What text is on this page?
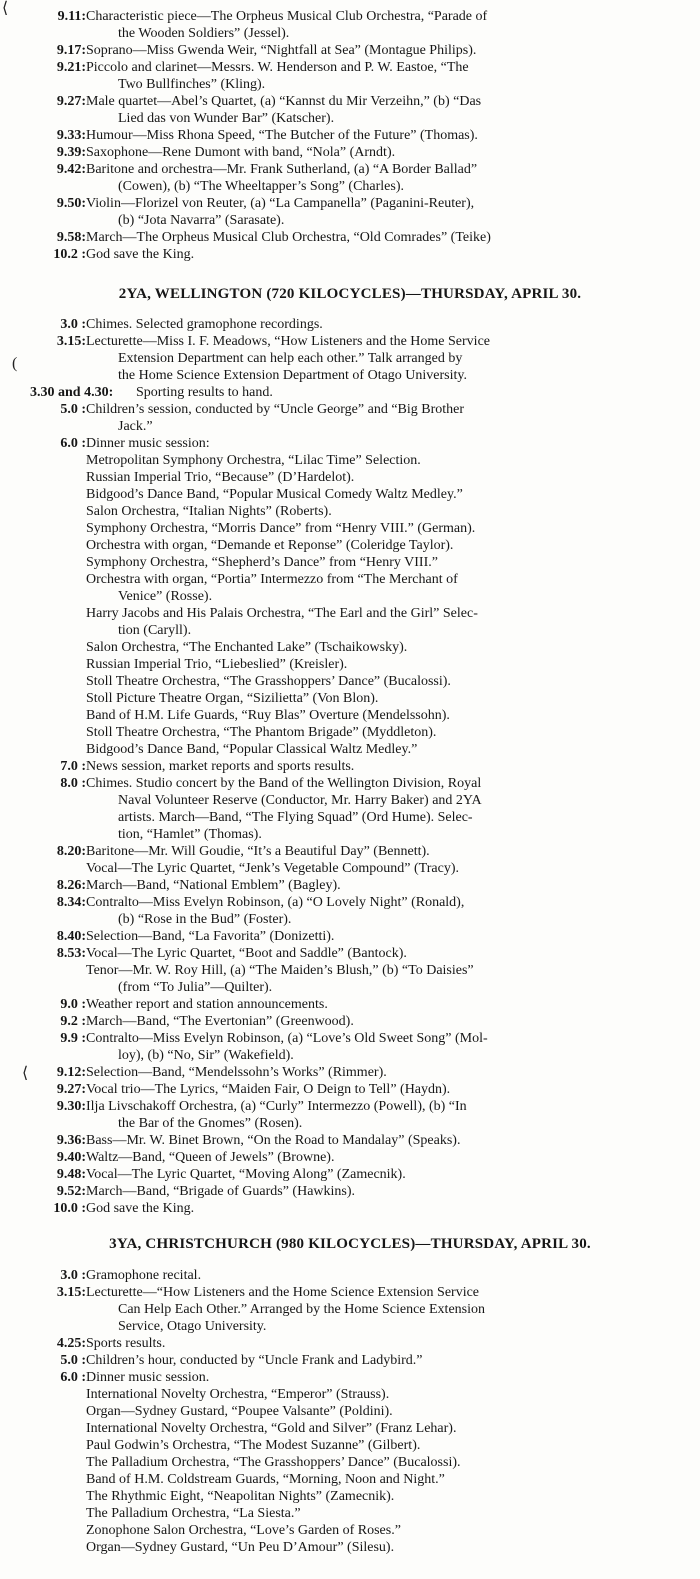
⟨	9.11: Characteristic piece—The Orpheus Musical Club Orchestra, “Parade of
the Wooden Soldiers” (Jessel).
9.17: Soprano—Miss Gwenda Weir, “Nightfall at Sea” (Montague Philips).
9.21: Piccolo and clarinet—Messrs. W. Henderson and P. W. Eastoe, “The
Two Bullfinches” (Kling).
9.27: Male quartet—Abel’s Quartet, (a) “Kannst du Mir Verzeihn,” (b) “Das
Lied das von Wunder Bar” (Katscher).
9.33: Humour—Miss Rhona Speed, “The Butcher of the Future” (Thomas).
9.39: Saxophone—Rene Dumont with band, “Nola” (Arndt).
9.42: Baritone and orchestra—Mr. Frank Sutherland, (a) “A Border Ballad”
(Cowen), (b) “The Wheeltapper’s Song” (Charles).
9.50: Violin—Florizel von Reuter, (a) “La Campanella” (Paganini-Reuter),
(b) “Jota Navarra” (Sarasate).
9.58: March—The Orpheus Musical Club Orchestra, “Old Comrades” (Teike)
10.2 : God save the King.
2YA, WELLINGTON (720 KILOCYCLES)—THURSDAY, APRIL 30.
3.0 : Chimes. Selected gramophone recordings.
3.15: Lecturette—Miss I. F. Meadows, “How Listeners and the Home Service
Extension Department can help each other.” Talk arranged by
the Home Science Extension Department of Otago University.
3.30 and 4.30: Sporting results to hand.
5.0 : Children’s session, conducted by “Uncle George” and “Big Brother
Jack.”
6.0 : Dinner music session:
Metropolitan Symphony Orchestra, “Lilac Time” Selection.
Russian Imperial Trio, “Because” (D’Hardelot).
Bidgood’s Dance Band, “Popular Musical Comedy Waltz Medley.”
Salon Orchestra, “Italian Nights” (Roberts).
Symphony Orchestra, “Morris Dance” from “Henry VIII.” (German).
Orchestra with organ, “Demande et Reponse” (Coleridge Taylor).
Symphony Orchestra, “Shepherd’s Dance” from “Henry VIII.”
Orchestra with organ, “Portia” Intermezzo from “The Merchant of
Venice” (Rosse).
Harry Jacobs and His Palais Orchestra, “The Earl and the Girl” Selec-
tion (Caryll).
Salon Orchestra, “The Enchanted Lake” (Tschaikowsky).
Russian Imperial Trio, “Liebeslied” (Kreisler).
Stoll Theatre Orchestra, “The Grasshoppers’ Dance” (Bucalossi).
Stoll Picture Theatre Organ, “Sizilietta” (Von Blon).
Band of H.M. Life Guards, “Ruy Blas” Overture (Mendelssohn).
Stoll Theatre Orchestra, “The Phantom Brigade” (Myddleton).
Bidgood’s Dance Band, “Popular Classical Waltz Medley.”
7.0 : News session, market reports and sports results.
8.0 : Chimes. Studio concert by the Band of the Wellington Division, Royal
Naval Volunteer Reserve (Conductor, Mr. Harry Baker) and 2YA
artists. March—Band, “The Flying Squad” (Ord Hume). Selec-
tion, “Hamlet” (Thomas).
8.20: Baritone—Mr. Will Goudie, “It’s a Beautiful Day” (Bennett).
Vocal—The Lyric Quartet, “Jenk’s Vegetable Compound” (Tracy).
8.26: March—Band, “National Emblem” (Bagley).
8.34: Contralto—Miss Evelyn Robinson, (a) “O Lovely Night” (Ronald),
(b) “Rose in the Bud” (Foster).
8.40: Selection—Band, “La Favorita” (Donizetti).
8.53: Vocal—The Lyric Quartet, “Boot and Saddle” (Bantock).
Tenor—Mr. W. Roy Hill, (a) “The Maiden’s Blush,” (b) “To Daisies”
(from “To Julia”—Quilter).
9.0 : Weather report and station announcements.
9.2 : March—Band, “The Evertonian” (Greenwood).
9.9 : Contralto—Miss Evelyn Robinson, (a) “Love’s Old Sweet Song” (Mol-
loy), (b) “No, Sir” (Wakefield).
9.12: Selection—Band, “Mendelssohn’s Works” (Rimmer).
9.27: Vocal trio—The Lyrics, “Maiden Fair, O Deign to Tell” (Haydn).
9.30: Ilja Livschakoff Orchestra, (a) “Curly” Intermezzo (Powell), (b) “In
the Bar of the Gnomes” (Rosen).
9.36: Bass—Mr. W. Binet Brown, “On the Road to Mandalay” (Speaks).
9.40: Waltz—Band, “Queen of Jewels” (Browne).
9.48: Vocal—The Lyric Quartet, “Moving Along” (Zamecnik).
9.52: March—Band, “Brigade of Guards” (Hawkins).
10.0 : God save the King.
(
⟨
3YA, CHRISTCHURCH (980 KILOCYCLES)—THURSDAY, APRIL 30.
3.0 : Gramophone recital.
3.15: Lecturette—“How Listeners and the Home Science Extension Service
Can Help Each Other.” Arranged by the Home Science Extension
Service, Otago University.
4.25: Sports results.
5.0 : Children’s hour, conducted by “Uncle Frank and Ladybird.”
6.0 : Dinner music session.
International Novelty Orchestra, “Emperor” (Strauss).
Organ—Sydney Gustard, “Poupee Valsante” (Poldini).
International Novelty Orchestra, “Gold and Silver” (Franz Lehar).
Paul Godwin’s Orchestra, “The Modest Suzanne” (Gilbert).
The Palladium Orchestra, “The Grasshoppers’ Dance” (Bucalossi).
Band of H.M. Coldstream Guards, “Morning, Noon and Night.”
The Rhythmic Eight, “Neapolitan Nights” (Zamecnik).
The Palladium Orchestra, “La Siesta.”
Zonophone Salon Orchestra, “Love’s Garden of Roses.”
Organ—Sydney Gustard, “Un Peu D’Amour” (Silesu).
